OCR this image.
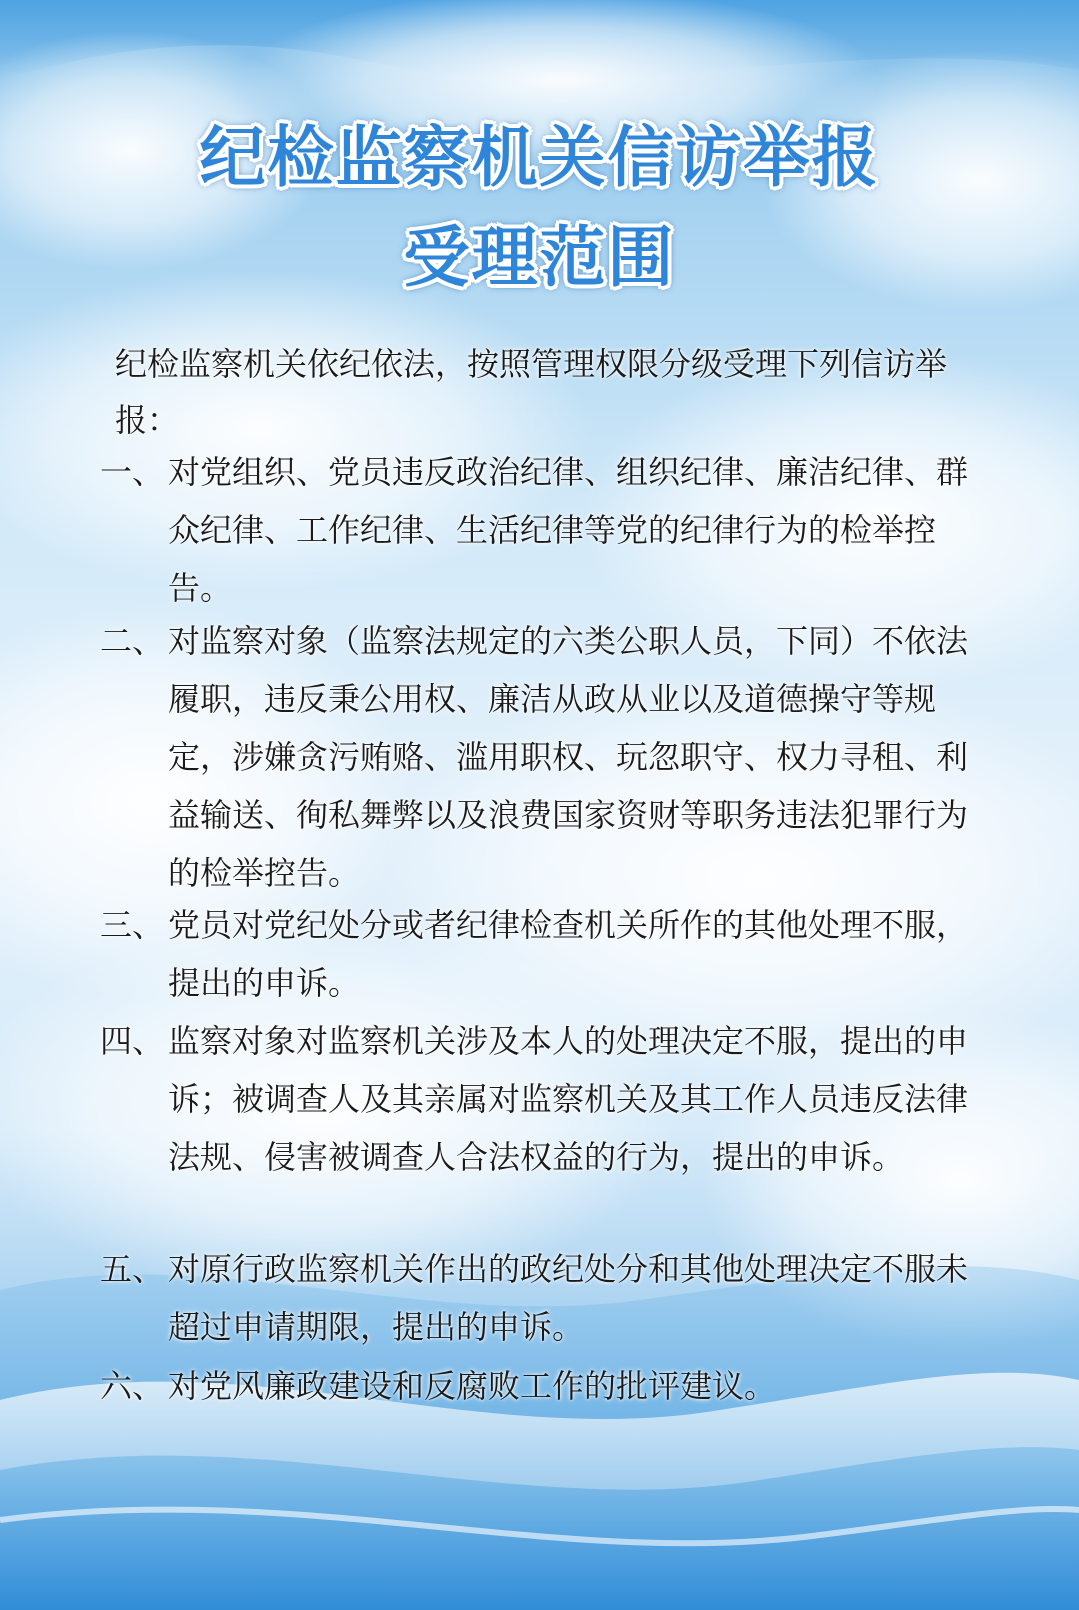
纪检监察机关信访举报
受理范围
纪检监察机关依纪依法，按照管理权限分级受理下列信访举报：
一、 对党组织、党员违反政治纪律、组织纪律、廉洁纪律、群众纪律、工作纪律、生活纪律等党的纪律行为的检举控告。
二、 对监察对象（监察法规定的六类公职人员，下同）不依法履职，违反秉公用权、廉洁从政从业以及道德操守等规定，涉嫌贪污贿赂、滥用职权、玩忽职守、权力寻租、利益输送、徇私舞弊以及浪费国家资财等职务违法犯罪行为的检举控告。
三、 党员对党纪处分或者纪律检查机关所作的其他处理不服，提出的申诉。
四、 监察对象对监察机关涉及本人的处理决定不服，提出的申诉；被调查人及其亲属对监察机关及其工作人员违反法律法规、侵害被调查人合法权益的行为，提出的申诉。
五、 对原行政监察机关作出的政纪处分和其他处理决定不服未超过申请期限，提出的申诉。
六、 对党风廉政建设和反腐败工作的批评建议。
